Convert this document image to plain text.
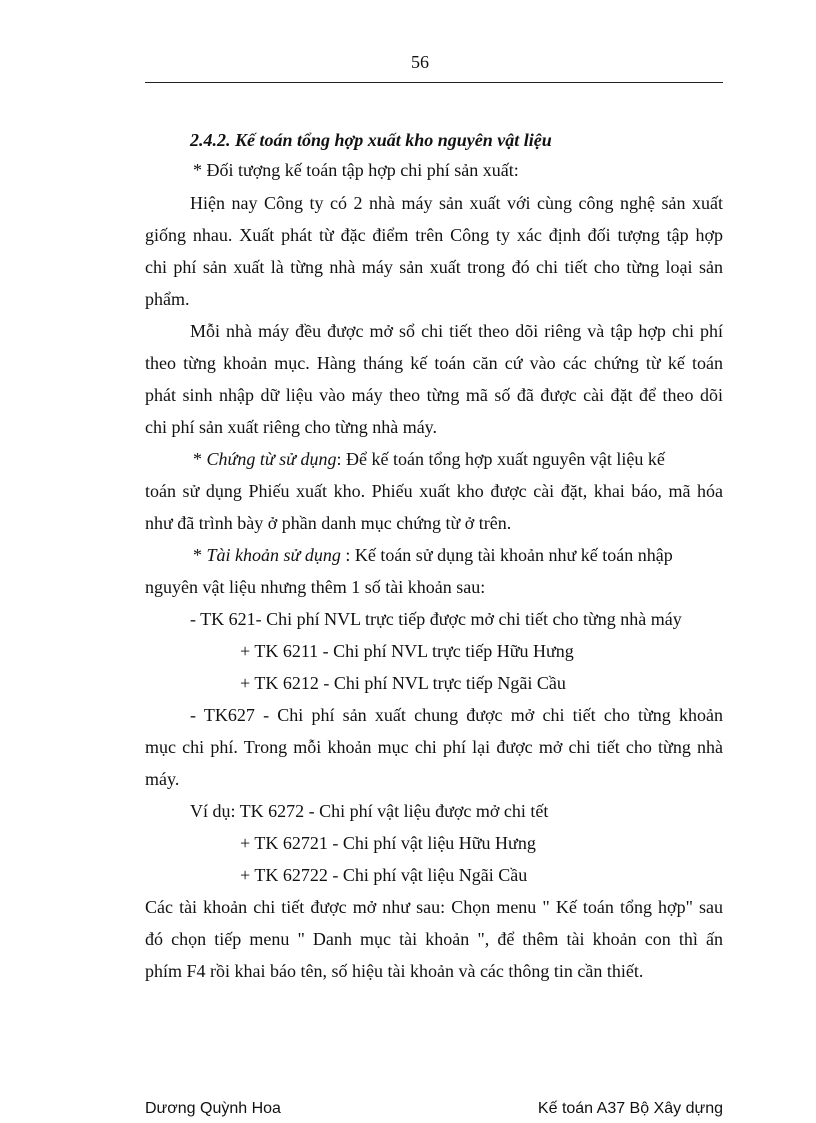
56
2.4.2. Kế toán tổng hợp xuất kho nguyên vật liệu
* Đối tượng kế toán tập hợp chi phí sản xuất:
Hiện nay Công ty có 2 nhà máy sản xuất với cùng công nghệ sản xuất
giống nhau. Xuất phát từ đặc điểm trên Công ty xác định đối tượng tập hợp
chi phí sản xuất là từng nhà máy sản xuất trong đó chi tiết cho từng loại sản
phẩm.
Mỗi nhà máy đều được mở sổ chi tiết theo dõi riêng và tập hợp chi phí
theo từng khoản mục. Hàng tháng kế toán căn cứ vào các chứng từ kế toán
phát sinh nhập dữ liệu vào máy theo từng mã số đã được cài đặt để theo dõi
chi phí sản xuất riêng cho từng nhà máy.
* Chứng từ sử dụng: Để kế toán tổng hợp xuất nguyên vật liệu kế
toán sử dụng Phiếu xuất kho. Phiếu xuất kho được cài đặt, khai báo, mã hóa
như đã trình bày ở phần danh mục chứng từ ở trên.
* Tài khoản sử dụng : Kế toán sử dụng tài khoản như kế toán nhập
nguyên vật liệu nhưng thêm 1 số tài khoản sau:
- TK 621- Chi phí NVL trực tiếp được mở chi tiết cho từng nhà máy
+ TK 6211 - Chi phí NVL trực tiếp Hữu Hưng
+ TK 6212 - Chi phí NVL trực tiếp Ngãi Cầu
- TK627 - Chi phí sản xuất chung được mở chi tiết cho từng khoản
mục chi phí. Trong mỗi khoản mục chi phí lại được mở chi tiết cho từng nhà
máy.
Ví dụ: TK 6272 - Chi phí vật liệu được mở chi tết
+ TK 62721 - Chi phí vật liệu Hữu Hưng
+ TK 62722 - Chi phí vật liệu Ngãi Cầu
Các tài khoản chi tiết được mở như sau: Chọn menu " Kế toán tổng hợp" sau
đó chọn tiếp menu " Danh mục tài khoản ", để thêm tài khoản con thì ấn
phím F4 rồi khai báo tên, số hiệu tài khoản và các thông tin cần thiết.
Dương Quỳnh Hoa	Kế toán A37 Bộ Xây dựng
